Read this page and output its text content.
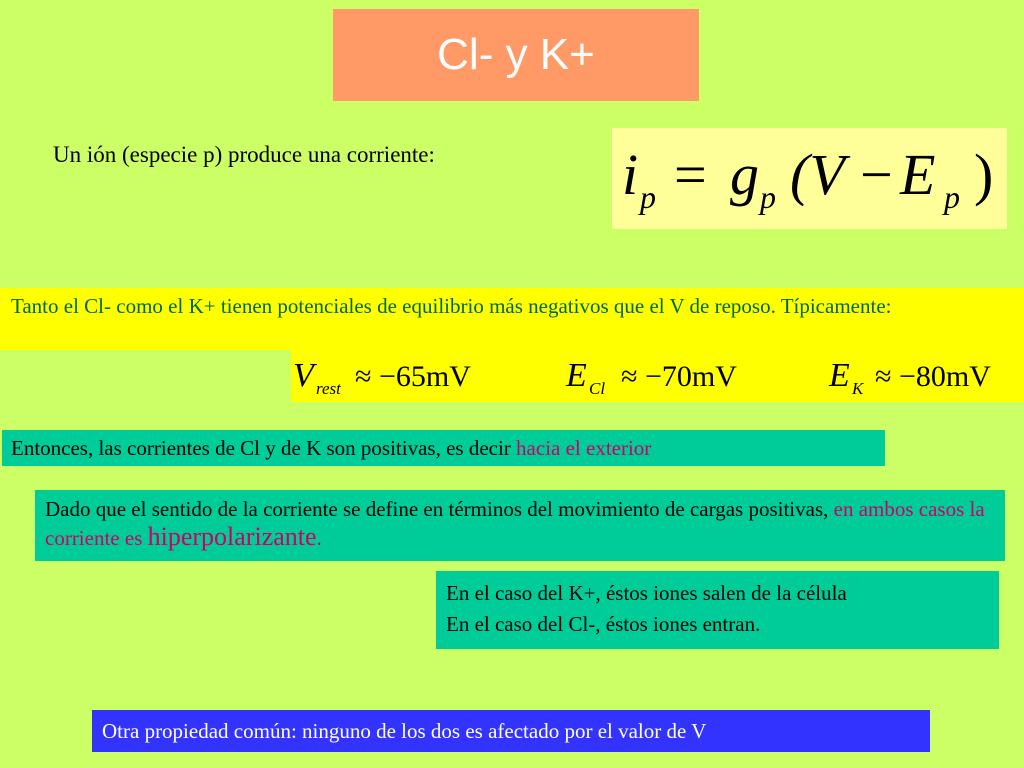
Cl- y K+
Un ión (especie p) produce una corriente:	i p = g p (V − E p )
Tanto el Cl- como el K+ tienen potenciales de equilibrio más negativos que el V de reposo. Típicamente:
V rest ≈ −65mV	E Cl ≈ −70mV	E K ≈ −80mV
Entonces, las corrientes de Cl y de K son positivas, es decir hacia el exterior
Dado que el sentido de la corriente se define en términos del movimiento de cargas positivas, en ambos casos la corriente es hiperpolarizante.
En el caso del K+, éstos iones salen de la célula
En el caso del Cl-, éstos iones entran.
Otra propiedad común: ninguno de los dos es afectado por el valor de V
